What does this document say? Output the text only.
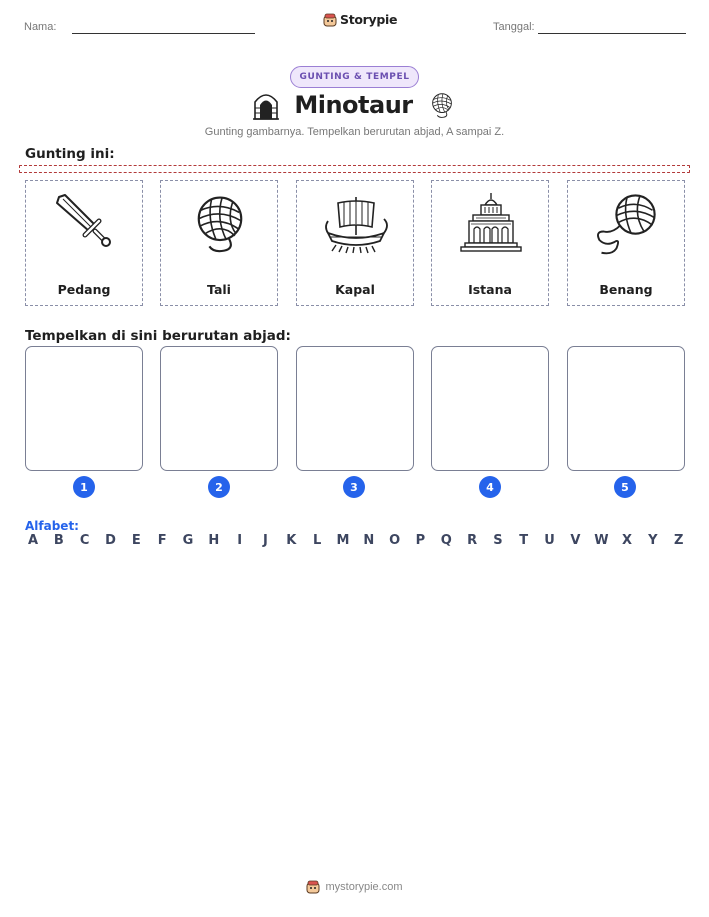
Nama:	Storypie	Tanggal:
GUNTING & TEMPEL
Minotaur
Gunting gambarnya. Tempelkan berurutan abjad, A sampai Z.
Gunting ini:
Pedang	Tali	Kapal	Istana	Benang
Tempelkan di sini berurutan abjad:
1	2	3	4	5
Alfabet:
A B C D E F G H	I	J	K L M N O P Q R S T U V W X Y Z
mystorypie.com
